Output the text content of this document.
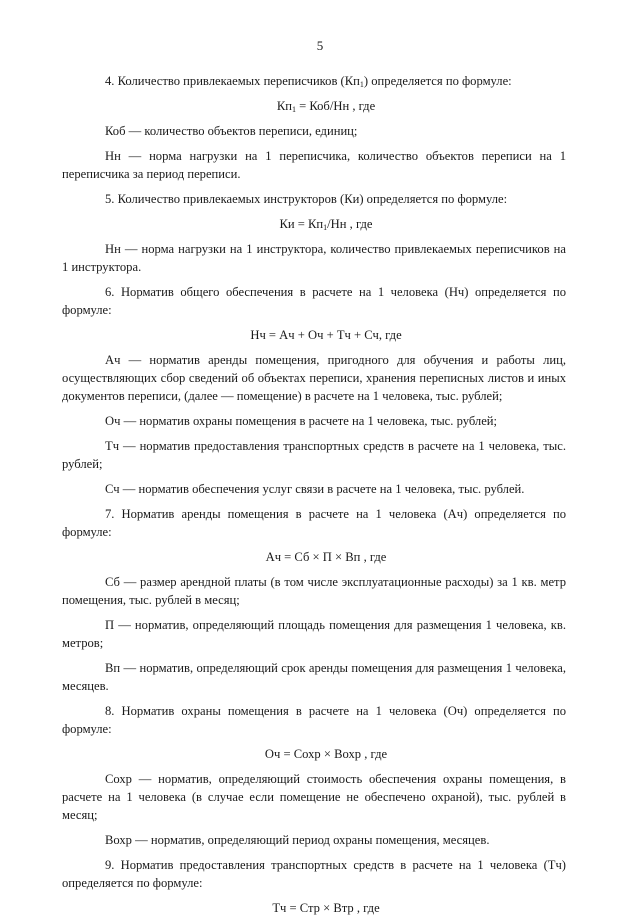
5

4. Количество привлекаемых переписчиков $(Кп_1)$ определяется по формуле:

$Кп_1 = Коб/Нн$ , где

Коб — количество объектов переписи, единиц;

Нн — норма нагрузки на 1 переписчика, количество объектов переписи на 1 переписчика за период переписи.

5. Количество привлекаемых инструкторов (Ки) определяется по формуле:

Ки = $Кп_1/Нн$ , где

Нн — норма нагрузки на 1 инструктора, количество привлекаемых переписчиков на 1 инструктора.

6. Норматив общего обеспечения в расчете на 1 человека (Нч) определяется по формуле:

Нч = Ач + Оч + Тч + Сч, где

Ач — норматив аренды помещения, пригодного для обучения и работы лиц, осуществляющих сбор сведений об объектах переписи, хранения переписных листов и иных документов переписи, (далее — помещение) в расчете на 1 человека, тыс. рублей;

Оч — норматив охраны помещения в расчете на 1 человека, тыс. рублей;

Тч — норматив предоставления транспортных средств в расчете на 1 человека, тыс. рублей;

Сч — норматив обеспечения услуг связи в расчете на 1 человека, тыс. рублей.

7. Норматив аренды помещения в расчете на 1 человека (Ач) определяется по формуле:

Ач = Сб × П × Вп , где

Сб — размер арендной платы (в том числе эксплуатационные расходы) за 1 кв. метр помещения, тыс. рублей в месяц;

П — норматив, определяющий площадь помещения для размещения 1 человека, кв. метров;

Вп — норматив, определяющий срок аренды помещения для размещения 1 человека, месяцев.

8. Норматив охраны помещения в расчете на 1 человека (Оч) определяется по формуле:

Оч = Сохр × Вохр , где

Сохр — норматив, определяющий стоимость обеспечения охраны помещения, в расчете на 1 человека (в случае если помещение не обеспечено охраной), тыс. рублей в месяц;

Вохр — норматив, определяющий период охраны помещения, месяцев.

9. Норматив предоставления транспортных средств в расчете на 1 человека (Тч) определяется по формуле:

Тч = Стр × Втр , где
